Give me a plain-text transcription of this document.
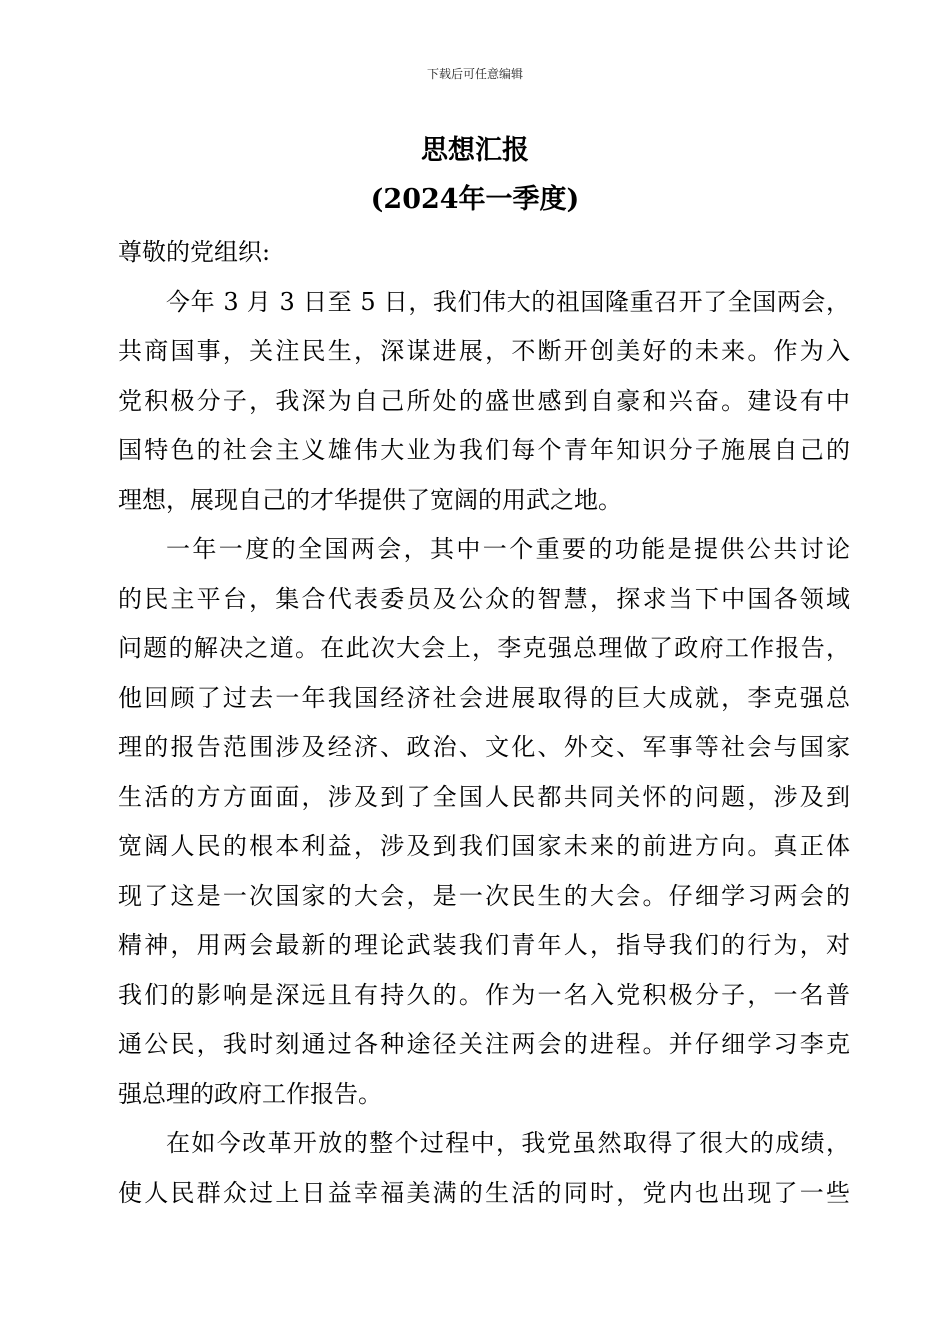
下载后可任意编辑
思想汇报
(2024年一季度)

尊敬的党组织:

今年 3 月 3 日至 5 日，我们伟大的祖国隆重召开了全国两会，
共商国事，关注民生，深谋进展，不断开创美好的未来。作为入
党积极分子，我深为自己所处的盛世感到自豪和兴奋。建设有中
国特色的社会主义雄伟大业为我们每个青年知识分子施展自己的
理想，展现自己的才华提供了宽阔的用武之地。

一年一度的全国两会，其中一个重要的功能是提供公共讨论
的民主平台，集合代表委员及公众的智慧，探求当下中国各领域
问题的解决之道。在此次大会上，李克强总理做了政府工作报告，
他回顾了过去一年我国经济社会进展取得的巨大成就，李克强总
理的报告范围涉及经济、政治、文化、外交、军事等社会与国家
生活的方方面面，涉及到了全国人民都共同关怀的问题，涉及到
宽阔人民的根本利益，涉及到我们国家未来的前进方向。真正体
现了这是一次国家的大会，是一次民生的大会。仔细学习两会的
精神，用两会最新的理论武装我们青年人，指导我们的行为，对
我们的影响是深远且有持久的。作为一名入党积极分子，一名普
通公民，我时刻通过各种途径关注两会的进程。并仔细学习李克
强总理的政府工作报告。

在如今改革开放的整个过程中，我党虽然取得了很大的成绩，
使人民群众过上日益幸福美满的生活的同时，党内也出现了一些
